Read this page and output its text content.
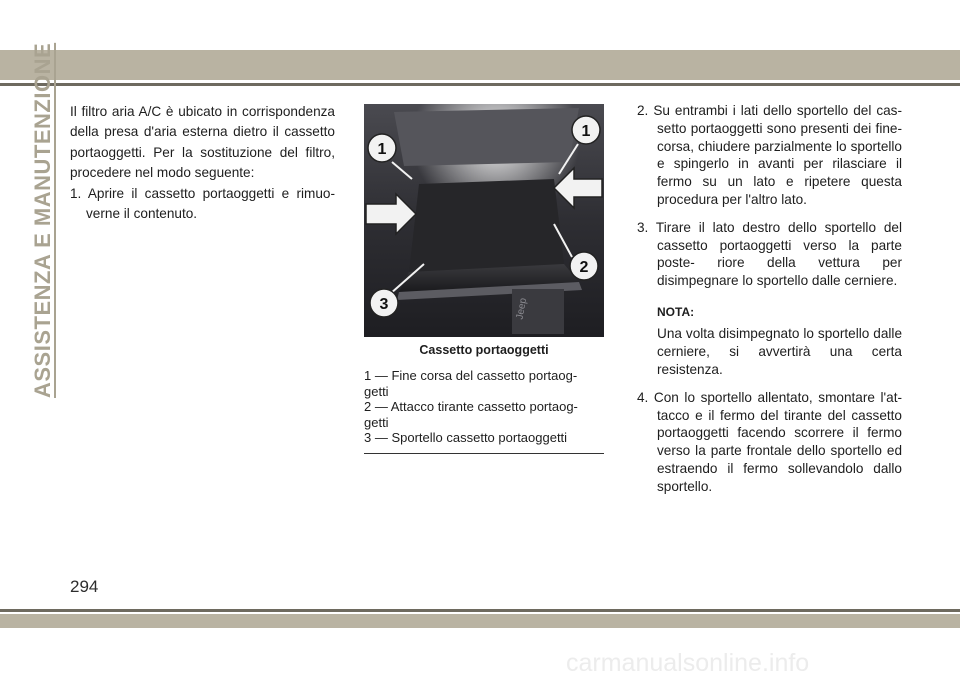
ASSISTENZA E MANUTENZIONE Il filtro aria A/C è ubicato in corrispondenza della presa d'aria esterna dietro il cassetto portaoggetti. Per la sostituzione del filtro, procedere nel modo seguente:

1. Aprire il cassetto portaoggetti e rimuo- verne il contenuto.

Jeep
1
1
2
3
Cassetto portaoggetti

1 — Fine corsa del cassetto portaog- getti

2 — Attacco tirante cassetto portaog- getti

3 — Sportello cassetto portaoggetti

2. Su entrambi i lati dello sportello del cas- setto portaoggetti sono presenti dei fine- corsa, chiudere parzialmente lo sportello e spingerlo in avanti per rilasciare il fermo su un lato e ripetere questa procedura per l'altro lato.

3. Tirare il lato destro dello sportello del cassetto portaoggetti verso la parte poste- riore della vettura per disimpegnare lo sportello dalle cerniere.

NOTA:

Una volta disimpegnato lo sportello dalle cerniere, si avvertirà una certa resistenza.

4. Con lo sportello allentato, smontare l'at- tacco e il fermo del tirante del cassetto portaoggetti facendo scorrere il fermo verso la parte frontale dello sportello ed estraendo il fermo sollevandolo dallo sportello.

294
carmanualsonline.info
